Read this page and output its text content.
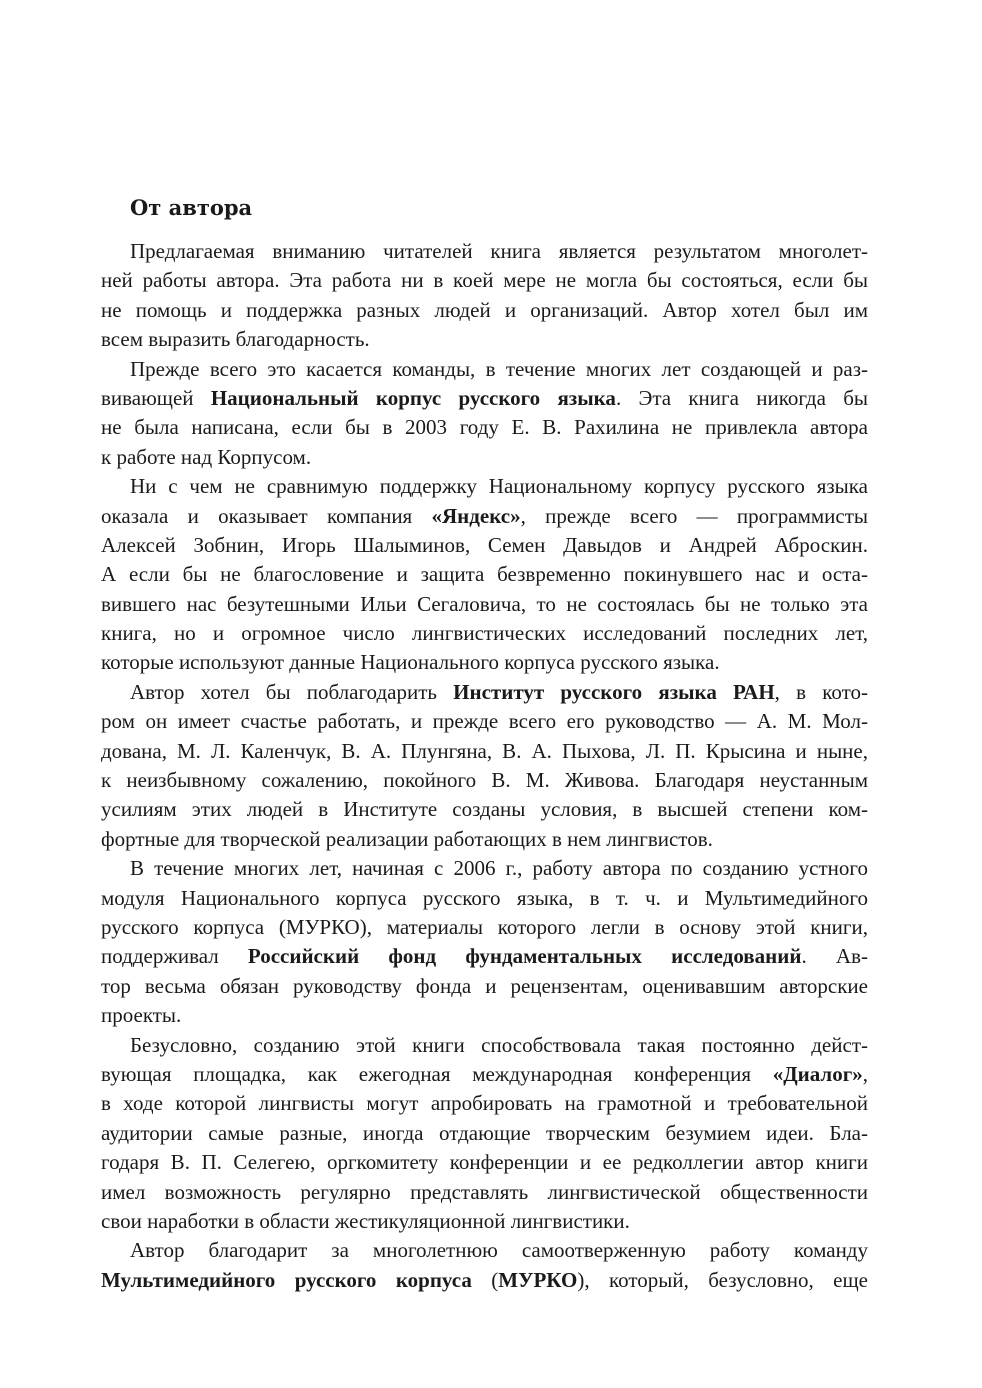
От автора
Предлагаемая вниманию читателей книга является результатом многолет-
ней работы автора. Эта работа ни в коей мере не могла бы состояться, если бы
не помощь и поддержка разных людей и организаций. Автор хотел был им
всем выразить благодарность.
Прежде всего это касается команды, в течение многих лет создающей и раз-
вивающей Национальный корпус русского языка. Эта книга никогда бы
не была написана, если бы в 2003 году Е. В. Рахилина не привлекла автора
к работе над Корпусом.
Ни с чем не сравнимую поддержку Национальному корпусу русского языка
оказала и оказывает компания «Яндекс», прежде всего — программисты
Алексей Зобнин, Игорь Шалыминов, Семен Давыдов и Андрей Аброскин.
А если бы не благословение и защита безвременно покинувшего нас и оста-
вившего нас безутешными Ильи Сегаловича, то не состоялась бы не только эта
книга, но и огромное число лингвистических исследований последних лет,
которые используют данные Национального корпуса русского языка.
Автор хотел бы поблагодарить Институт русского языка РАН, в кото-
ром он имеет счастье работать, и прежде всего его руководство — А. М. Мол-
дована, М. Л. Каленчук, В. А. Плунгяна, В. А. Пыхова, Л. П. Крысина и ныне,
к неизбывному сожалению, покойного В. М. Живова. Благодаря неустанным
усилиям этих людей в Институте созданы условия, в высшей степени ком-
фортные для творческой реализации работающих в нем лингвистов.
В течение многих лет, начиная с 2006 г., работу автора по созданию устного
модуля Национального корпуса русского языка, в т. ч. и Мультимедийного
русского корпуса (МУРКО), материалы которого легли в основу этой книги,
поддерживал Российский фонд фундаментальных исследований. Ав-
тор весьма обязан руководству фонда и рецензентам, оценивавшим авторские
проекты.
Безусловно, созданию этой книги способствовала такая постоянно дейст-
вующая площадка, как ежегодная международная конференция «Диалог»,
в ходе которой лингвисты могут апробировать на грамотной и требовательной
аудитории самые разные, иногда отдающие творческим безумием идеи. Бла-
годаря В. П. Селегею, оргкомитету конференции и ее редколлегии автор книги
имел возможность регулярно представлять лингвистической общественности
свои наработки в области жестикуляционной лингвистики.
Автор благодарит за многолетнюю самоотверженную работу команду
Мультимедийного русского корпуса (МУРКО), который, безусловно, еще
